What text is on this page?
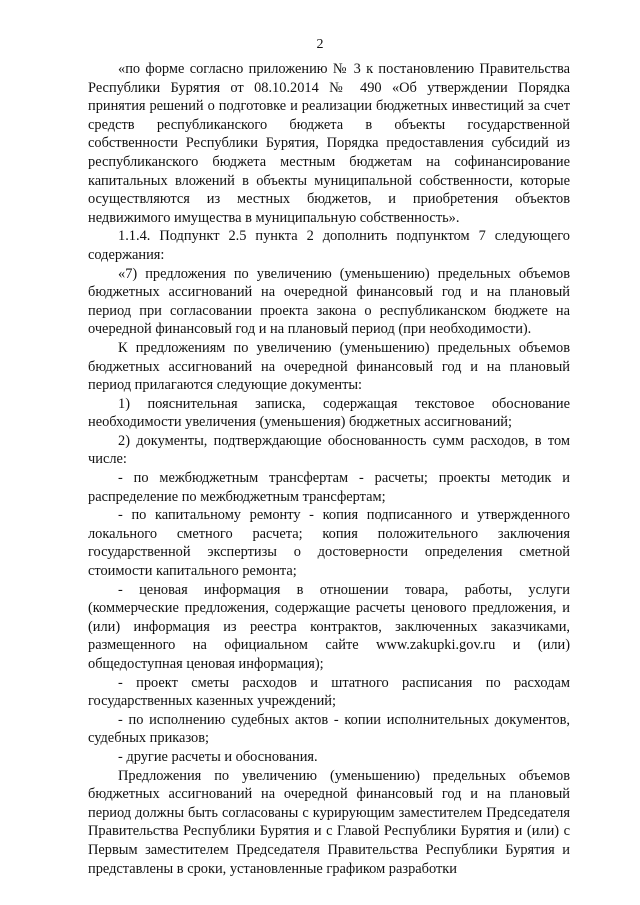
2

«по форме согласно приложению № 3 к постановлению Правительства Республики Бурятия от 08.10.2014 № 490 «Об утверждении Порядка принятия решений о подготовке и реализации бюджетных инвестиций за счет средств республиканского бюджета в объекты государственной собственности Республики Бурятия, Порядка предоставления субсидий из республиканского бюджета местным бюджетам на софинансирование капитальных вложений в объекты муниципальной собственности, которые осуществляются из местных бюджетов, и приобретения объектов недвижимого имущества в муниципальную собственность».

1.1.4. Подпункт 2.5 пункта 2 дополнить подпунктом 7 следующего содержания:

«7) предложения по увеличению (уменьшению) предельных объемов бюджетных ассигнований на очередной финансовый год и на плановый период при согласовании проекта закона о республиканском бюджете на очередной финансовый год и на плановый период (при необходимости).

К предложениям по увеличению (уменьшению) предельных объемов бюджетных ассигнований на очередной финансовый год и на плановый период прилагаются следующие документы:

1) пояснительная записка, содержащая текстовое обоснование необходимости увеличения (уменьшения) бюджетных ассигнований;

2) документы, подтверждающие обоснованность сумм расходов, в том числе:

- по межбюджетным трансфертам - расчеты; проекты методик и распределение по межбюджетным трансфертам;

- по капитальному ремонту - копия подписанного и утвержденного локального сметного расчета; копия положительного заключения государственной экспертизы о достоверности определения сметной стоимости капитального ремонта;

- ценовая информация в отношении товара, работы, услуги (коммерческие предложения, содержащие расчеты ценового предложения, и (или) информация из реестра контрактов, заключенных заказчиками, размещенного на официальном сайте www.zakupki.gov.ru и (или) общедоступная ценовая информация);

- проект сметы расходов и штатного расписания по расходам государственных казенных учреждений;

- по исполнению судебных актов - копии исполнительных документов, судебных приказов;

- другие расчеты и обоснования.

Предложения по увеличению (уменьшению) предельных объемов бюджетных ассигнований на очередной финансовый год и на плановый период должны быть согласованы с курирующим заместителем Председателя Правительства Республики Бурятия и с Главой Республики Бурятия и (или) с Первым заместителем Председателя Правительства Республики Бурятия и представлены в сроки, установленные графиком разработки
